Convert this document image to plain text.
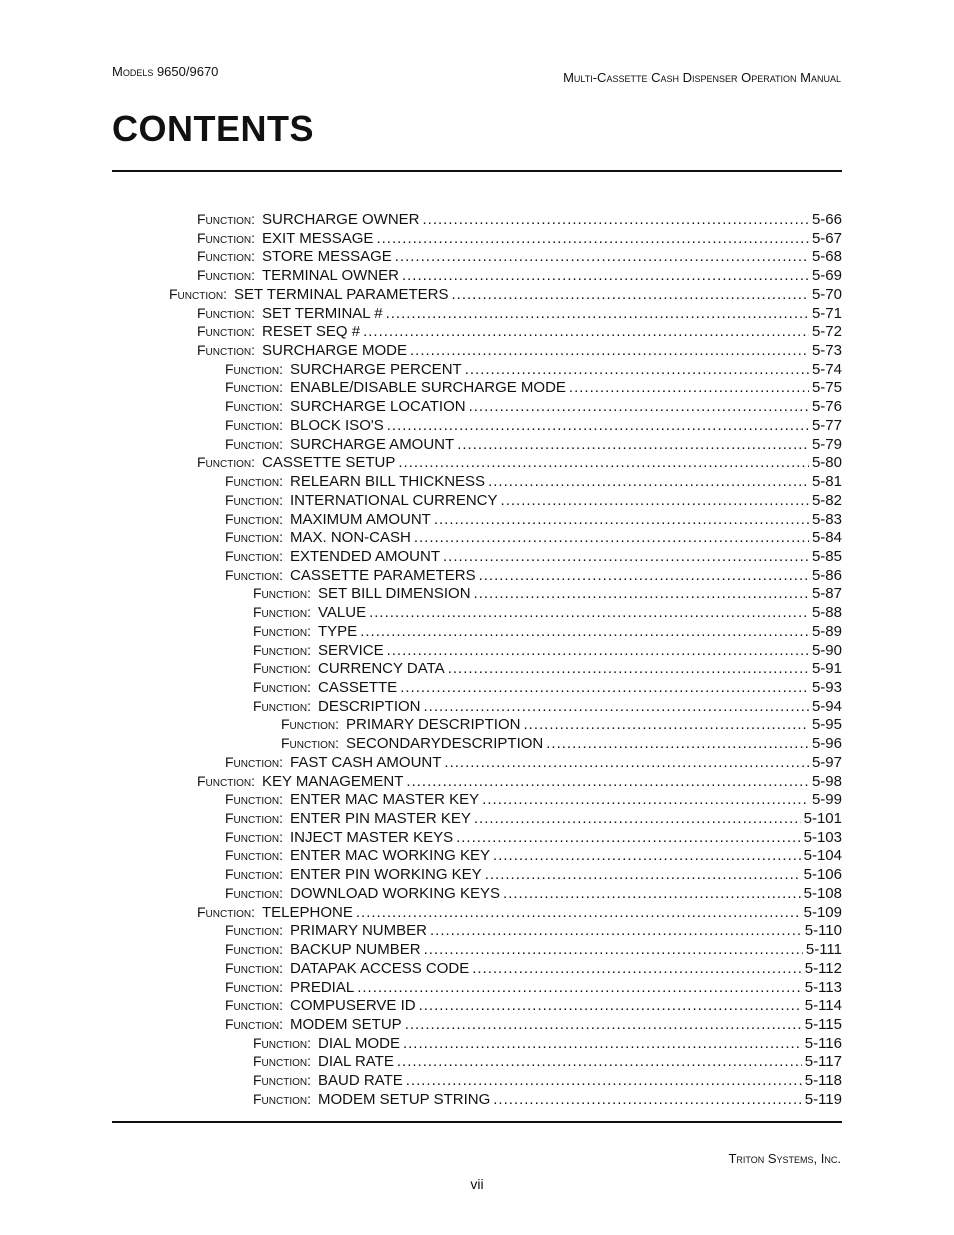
Models 9650/9670	Multi-Cassette Cash Dispenser Operation Manual
CONTENTS
Function: SURCHARGE OWNER .....	5-66
Function: EXIT MESSAGE .....	5-67
Function: STORE MESSAGE .....	5-68
Function: TERMINAL OWNER .....	5-69
Function: SET TERMINAL PARAMETERS .....	5-70
Function: SET TERMINAL # .....	5-71
Function: RESET SEQ # .....	5-72
Function: SURCHARGE MODE .....	5-73
Function: SURCHARGE PERCENT .....	5-74
Function: ENABLE/DISABLE SURCHARGE MODE .....	5-75
Function: SURCHARGE LOCATION .....	5-76
Function: BLOCK ISO'S .....	5-77
Function: SURCHARGE AMOUNT .....	5-79
Function: CASSETTE SETUP .....	5-80
Function: RELEARN BILL THICKNESS .....	5-81
Function: INTERNATIONAL CURRENCY .....	5-82
Function: MAXIMUM AMOUNT .....	5-83
Function: MAX. NON-CASH .....	5-84
Function: EXTENDED AMOUNT .....	5-85
Function: CASSETTE PARAMETERS .....	5-86
Function: SET BILL DIMENSION .....	5-87
Function: VALUE .....	5-88
Function: TYPE .....	5-89
Function: SERVICE .....	5-90
Function: CURRENCY DATA .....	5-91
Function: CASSETTE .....	5-93
Function: DESCRIPTION .....	5-94
Function: PRIMARY DESCRIPTION .....	5-95
Function: SECONDARYDESCRIPTION .....	5-96
Function: FAST CASH AMOUNT .....	5-97
Function: KEY MANAGEMENT .....	5-98
Function: ENTER MAC MASTER KEY .....	5-99
Function: ENTER PIN MASTER KEY .....	5-101
Function: INJECT MASTER KEYS .....	5-103
Function: ENTER MAC WORKING KEY .....	5-104
Function: ENTER PIN WORKING KEY .....	5-106
Function: DOWNLOAD WORKING KEYS .....	5-108
Function: TELEPHONE .....	5-109
Function: PRIMARY NUMBER .....	5-110
Function: BACKUP NUMBER .....	5-111
Function: DATAPAK ACCESS CODE .....	5-112
Function: PREDIAL .....	5-113
Function: COMPUSERVE ID .....	5-114
Function: MODEM SETUP .....	5-115
Function: DIAL MODE .....	5-116
Function: DIAL RATE .....	5-117
Function: BAUD RATE .....	5-118
Function: MODEM SETUP STRING .....	5-119
Triton Systems, Inc.
vii
